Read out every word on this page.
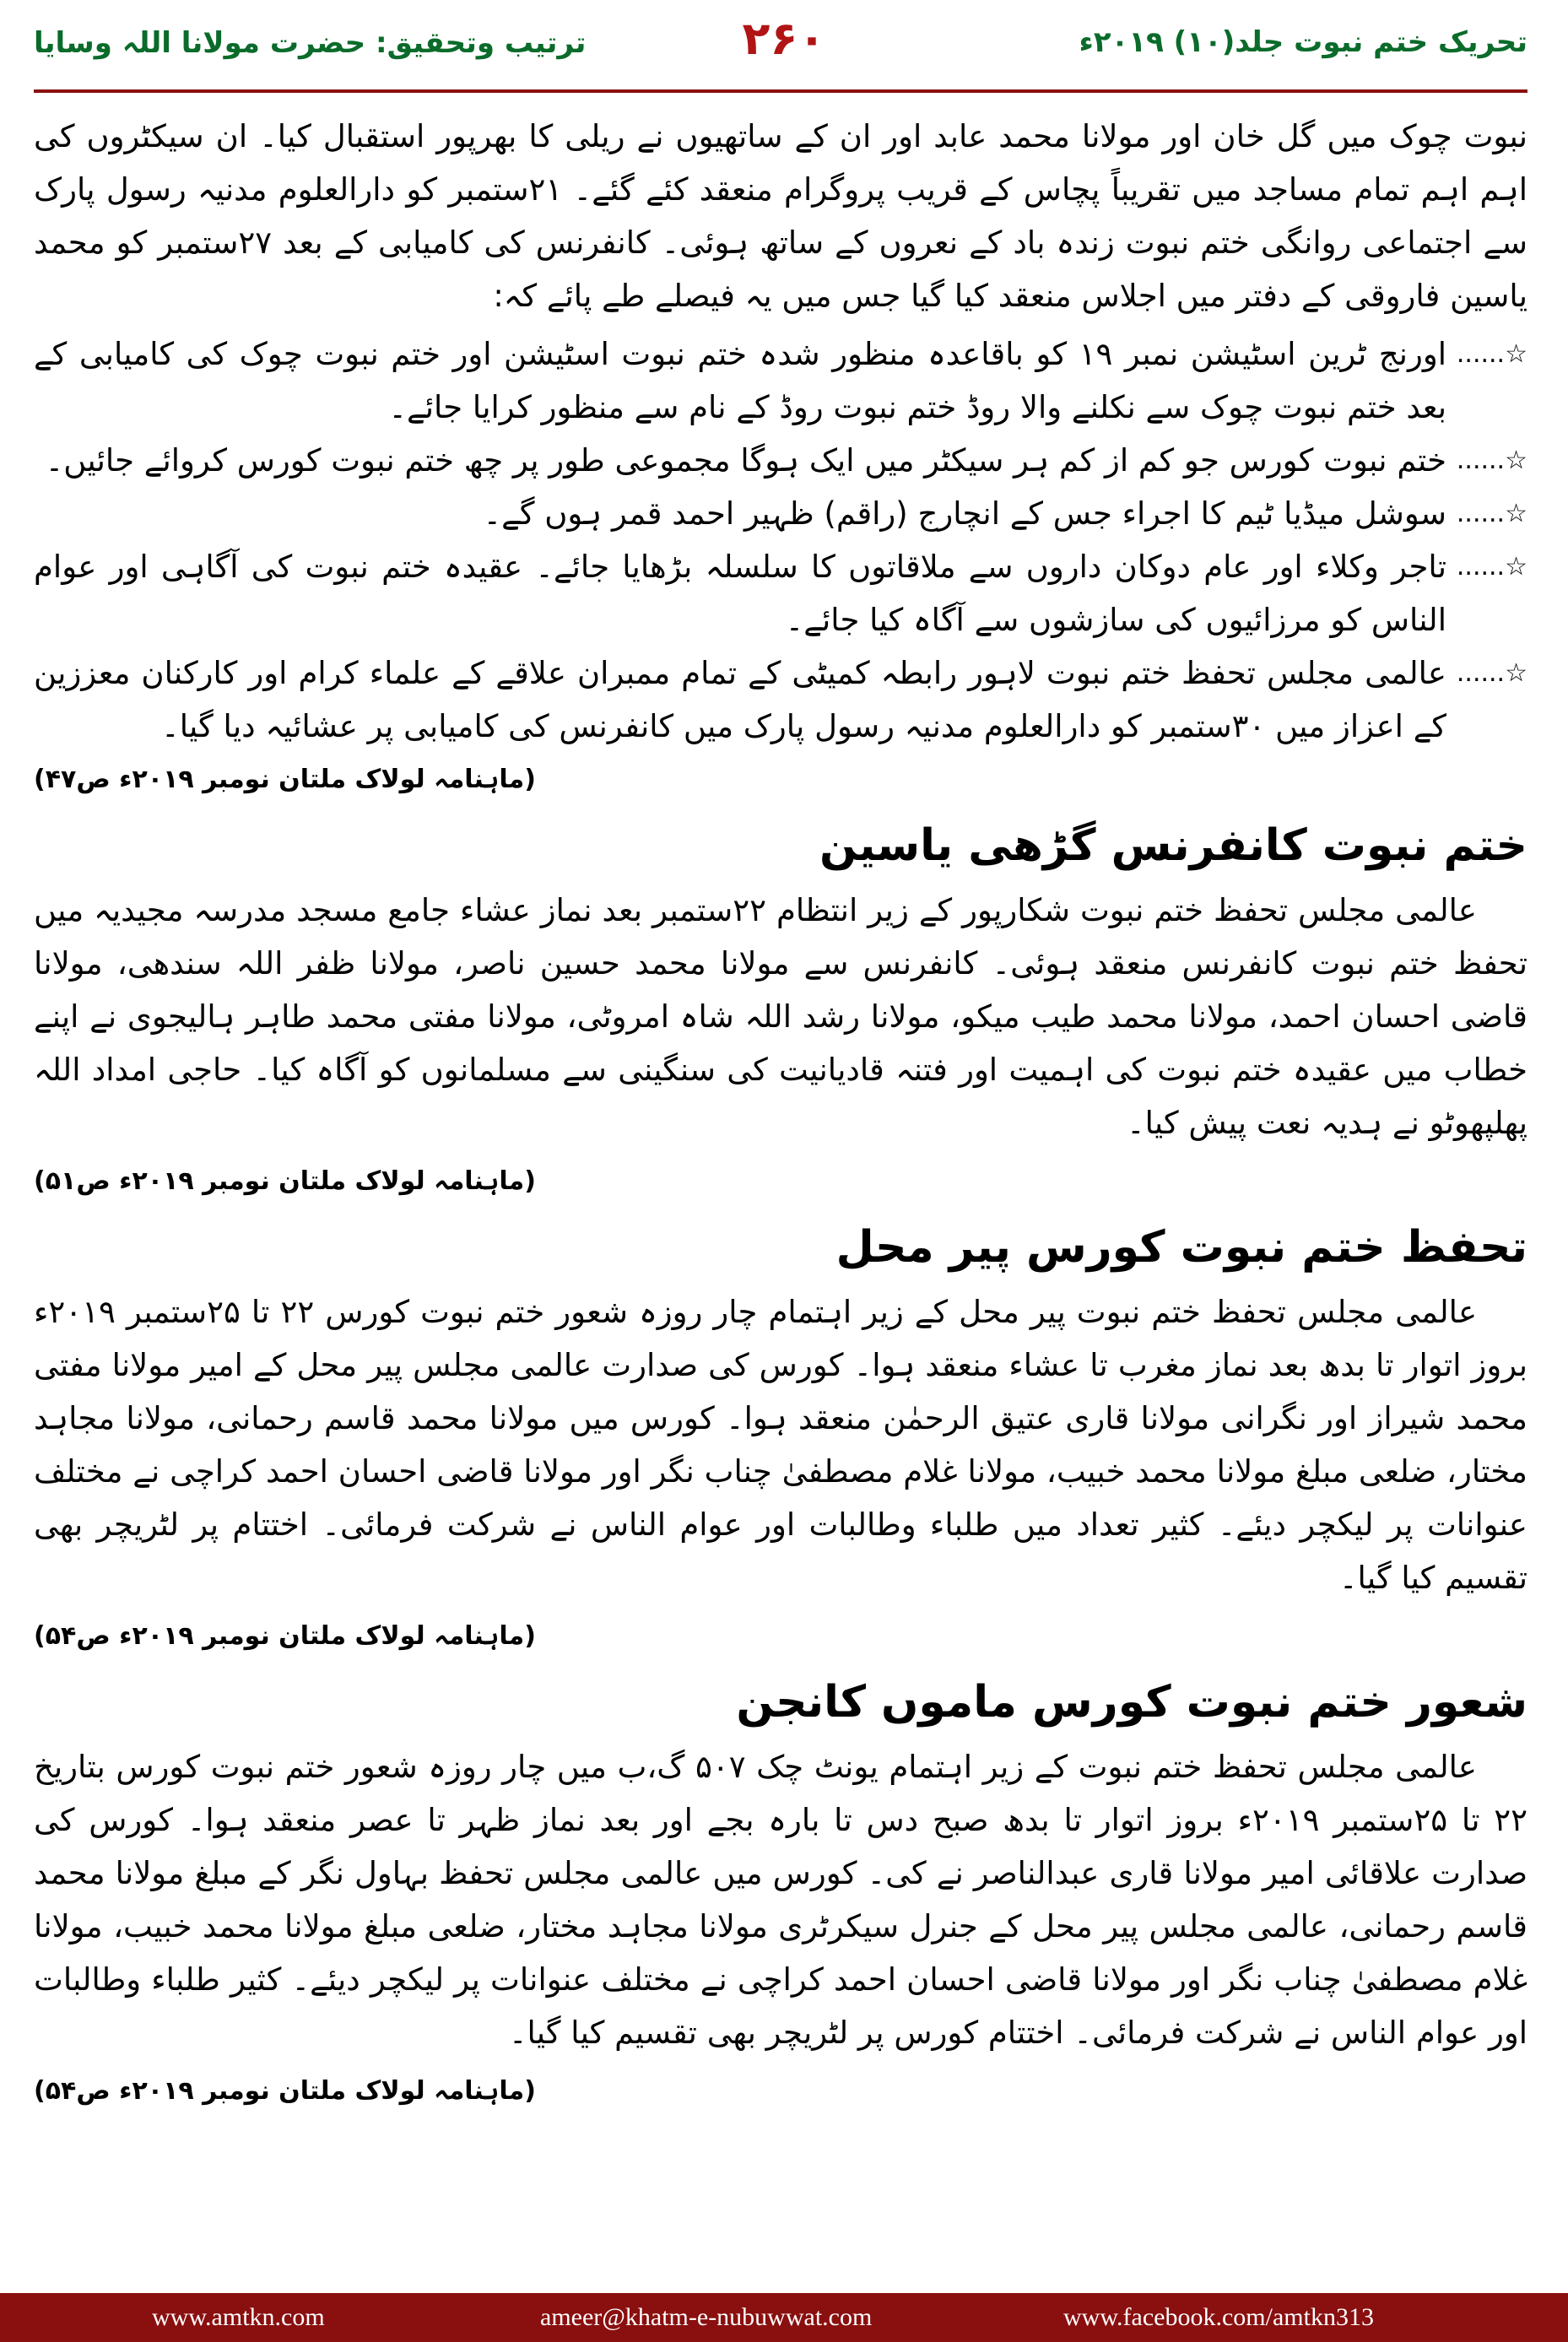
تحریک ختم نبوت جلد(۱۰) ۲۰۱۹ء
۲۶۰
ترتیب وتحقیق: حضرت مولانا اللہ وسایا

نبوت چوک میں گل خان اور مولانا محمد عابد اور ان کے ساتھیوں نے ریلی کا بھرپور استقبال کیا۔ ان سیکٹروں کی اہم اہم تمام مساجد میں تقریباً پچاس کے قریب پروگرام منعقد کئے گئے۔ ۲۱ستمبر کو دارالعلوم مدنیہ رسول پارک سے اجتماعی روانگی ختم نبوت زندہ باد کے نعروں کے ساتھ ہوئی۔ کانفرنس کی کامیابی کے بعد ۲۷ستمبر کو محمد یاسین فاروقی کے دفتر میں اجلاس منعقد کیا گیا جس میں یہ فیصلے طے پائے کہ:

☆......
اورنج ٹرین اسٹیشن نمبر ۱۹ کو باقاعدہ منظور شدہ ختم نبوت اسٹیشن اور ختم نبوت چوک کی کامیابی کے بعد ختم نبوت چوک سے نکلنے والا روڈ ختم نبوت روڈ کے نام سے منظور کرایا جائے۔
☆......
ختم نبوت کورس جو کم از کم ہر سیکٹر میں ایک ہوگا مجموعی طور پر چھ ختم نبوت کورس کروائے جائیں۔
☆......
سوشل میڈیا ٹیم کا اجراء جس کے انچارج (راقم) ظہیر احمد قمر ہوں گے۔
☆......
تاجر وکلاء اور عام دوکان داروں سے ملاقاتوں کا سلسلہ بڑھایا جائے۔ عقیدہ ختم نبوت کی آگاہی اور عوام الناس کو مرزائیوں کی سازشوں سے آگاہ کیا جائے۔
☆......
عالمی مجلس تحفظ ختم نبوت لاہور رابطہ کمیٹی کے تمام ممبران علاقے کے علماء کرام اور کارکنان معززین کے اعزاز میں ۳۰ستمبر کو دارالعلوم مدنیہ رسول پارک میں کانفرنس کی کامیابی پر عشائیہ دیا گیا۔
(ماہنامہ لولاک ملتان نومبر ۲۰۱۹ء ص۴۷)
ختم نبوت کانفرنس گڑھی یاسین

عالمی مجلس تحفظ ختم نبوت شکارپور کے زیر انتظام ۲۲ستمبر بعد نماز عشاء جامع مسجد مدرسہ مجیدیہ میں تحفظ ختم نبوت کانفرنس منعقد ہوئی۔ کانفرنس سے مولانا محمد حسین ناصر، مولانا ظفر اللہ سندھی، مولانا قاضی احسان احمد، مولانا محمد طیب میکو، مولانا رشد اللہ شاہ امروٹی، مولانا مفتی محمد طاہر ہالیجوی نے اپنے خطاب میں عقیدہ ختم نبوت کی اہمیت اور فتنہ قادیانیت کی سنگینی سے مسلمانوں کو آگاہ کیا۔ حاجی امداد اللہ پھلپھوٹو نے ہدیہ نعت پیش کیا۔

(ماہنامہ لولاک ملتان نومبر ۲۰۱۹ء ص۵۱)
تحفظ ختم نبوت کورس پیر محل

عالمی مجلس تحفظ ختم نبوت پیر محل کے زیر اہتمام چار روزہ شعور ختم نبوت کورس ۲۲ تا ۲۵ستمبر ۲۰۱۹ء بروز اتوار تا بدھ بعد نماز مغرب تا عشاء منعقد ہوا۔ کورس کی صدارت عالمی مجلس پیر محل کے امیر مولانا مفتی محمد شیراز اور نگرانی مولانا قاری عتیق الرحمٰن منعقد ہوا۔ کورس میں مولانا محمد قاسم رحمانی، مولانا مجاہد مختار، ضلعی مبلغ مولانا محمد خبیب، مولانا غلام مصطفیٰ چناب نگر اور مولانا قاضی احسان احمد کراچی نے مختلف عنوانات پر لیکچر دیئے۔ کثیر تعداد میں طلباء وطالبات اور عوام الناس نے شرکت فرمائی۔ اختتام پر لٹریچر بھی تقسیم کیا گیا۔

(ماہنامہ لولاک ملتان نومبر ۲۰۱۹ء ص۵۴)
شعور ختم نبوت کورس ماموں کانجن

عالمی مجلس تحفظ ختم نبوت کے زیر اہتمام یونٹ چک ۵۰۷ گ،ب میں چار روزہ شعور ختم نبوت کورس بتاریخ ۲۲ تا ۲۵ستمبر ۲۰۱۹ء بروز اتوار تا بدھ صبح دس تا بارہ بجے اور بعد نماز ظہر تا عصر منعقد ہوا۔ کورس کی صدارت علاقائی امیر مولانا قاری عبدالناصر نے کی۔ کورس میں عالمی مجلس تحفظ بہاول نگر کے مبلغ مولانا محمد قاسم رحمانی، عالمی مجلس پیر محل کے جنرل سیکرٹری مولانا مجاہد مختار، ضلعی مبلغ مولانا محمد خبیب، مولانا غلام مصطفیٰ چناب نگر اور مولانا قاضی احسان احمد کراچی نے مختلف عنوانات پر لیکچر دیئے۔ کثیر طلباء وطالبات اور عوام الناس نے شرکت فرمائی۔ اختتام کورس پر لٹریچر بھی تقسیم کیا گیا۔

(ماہنامہ لولاک ملتان نومبر ۲۰۱۹ء ص۵۴)
www.amtkn.com	ameer@khatm-e-nubuwwat.com	www.facebook.com/amtkn313
